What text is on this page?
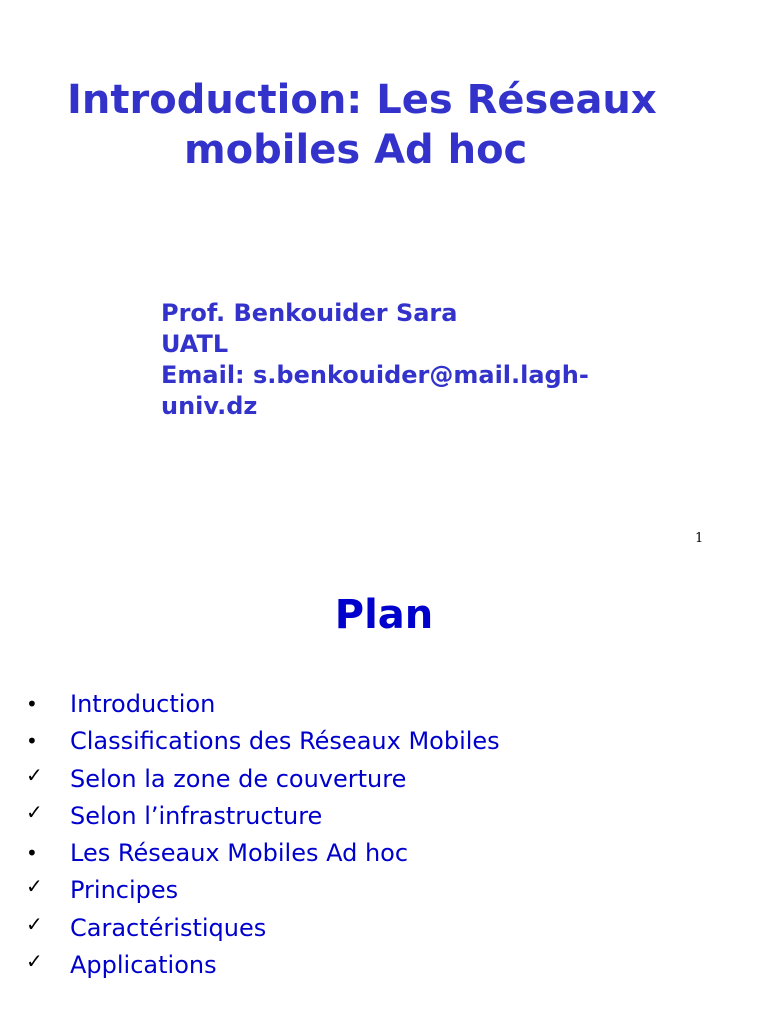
Introduction: Les Réseaux
mobiles Ad hoc
Prof. Benkouider Sara
UATL
Email: s.benkouider@mail.lagh-
univ.dz
1
Plan
•	Introduction
•	Classifications des Réseaux Mobiles
✓ Selon la zone de couverture
✓ Selon l’infrastructure
•	Les Réseaux Mobiles Ad hoc
✓ Principes
✓ Caractéristiques
✓ Applications
